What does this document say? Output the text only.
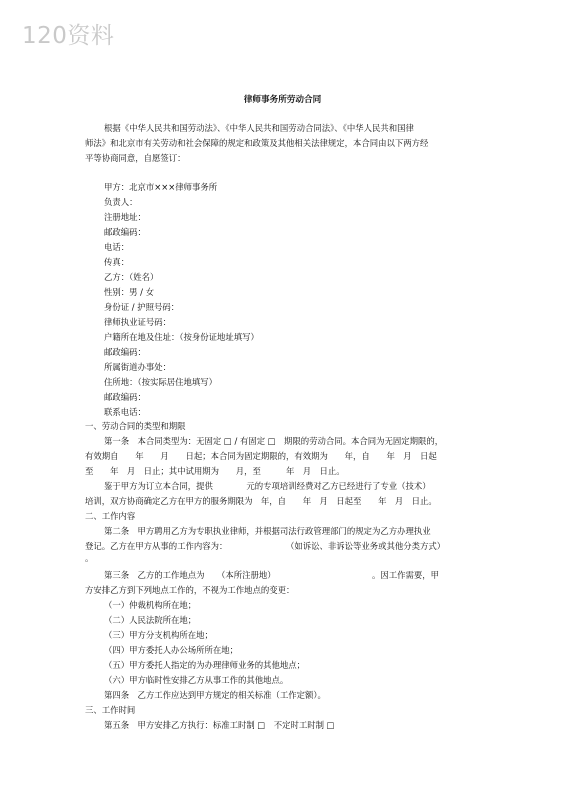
120资料
律师事务所劳动合同
根据《中华人民共和国劳动法》、《中华人民共和国劳动合同法》、《中华人民共和国律
师法》和北京市有关劳动和社会保障的规定和政策及其他相关法律规定，本合同由以下两方经
平等协商同意，自愿签订：
甲方：北京市×××律师事务所
负责人：
注册地址：
邮政编码：
电话：
传真：
乙方：（姓名）
性别：男 / 女
身份证 / 护照号码：
律师执业证号码：
户籍所在地及住址：（按身份证地址填写）
邮政编码：
所属街道办事处：
住所地：（按实际居住地填写）
邮政编码：
联系电话：
一、劳动合同的类型和期限
第一条　本合同类型为：无固定 □ / 有固定 □　期限的劳动合同。本合同为无固定期限的，
有效期自　　年　　月　　日起；本合同为固定期限的，有效期为　　年，自　　年　月　日起
至　　年　月　日止；其中试用期为　　月，至　　　年　月　日止。
鉴于甲方为订立本合同，提供　　　　元的专项培训经费对乙方已经进行了专业（技术）
培训，双方协商确定乙方在甲方的服务期限为　年，自　　年　月　日起至　　年　月　日止。
二、工作内容
第二条　甲方聘用乙方为专职执业律师，并根据司法行政管理部门的规定为乙方办理执业
登记。乙方在甲方从事的工作内容为：　　　　　　　　（如诉讼、非诉讼等业务或其他分类方式）
。
第三条　乙方的工作地点为　　（本所注册地）　　　　　　　　　　　　。因工作需要，甲
方安排乙方到下列地点工作的，不视为工作地点的变更：
（一）仲裁机构所在地；
（二）人民法院所在地；
（三）甲方分支机构所在地；
（四）甲方委托人办公场所所在地；
（五）甲方委托人指定的为办理律师业务的其他地点；
（六）甲方临时性安排乙方从事工作的其他地点。
第四条　乙方工作应达到甲方规定的相关标准（工作定额）。
三、工作时间
第五条　甲方安排乙方执行：标准工时制 □　不定时工时制 □
